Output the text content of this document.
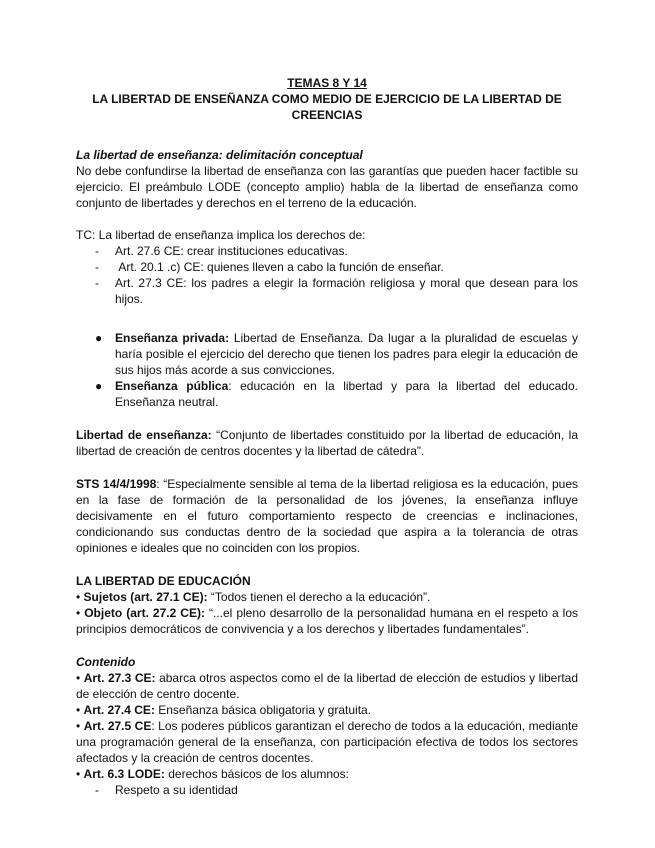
TEMAS 8 Y 14
LA LIBERTAD DE ENSEÑANZA COMO MEDIO DE EJERCICIO DE LA LIBERTAD DE CREENCIAS

La libertad de enseñanza: delimitación conceptual

No debe confundirse la libertad de enseñanza con las garantías que pueden hacer factible su ejercicio. El preámbulo LODE (concepto amplio) habla de la libertad de enseñanza como conjunto de libertades y derechos en el terreno de la educación.

TC: La libertad de enseñanza implica los derechos de:

- Art. 27.6 CE: crear instituciones educativas.
- Art. 20.1 .c) CE: quienes lleven a cabo la función de enseñar.
- Art. 27.3 CE: los padres a elegir la formación religiosa y moral que desean para los hijos.
● Enseñanza privada: Libertad de Enseñanza. Da lugar a la pluralidad de escuelas y haría posible el ejercicio del derecho que tienen los padres para elegir la educación de sus hijos más acorde a sus convicciones.
● Enseñanza pública: educación en la libertad y para la libertad del educado. Enseñanza neutral.

Libertad de enseñanza: “Conjunto de libertades constituido por la libertad de educación, la libertad de creación de centros docentes y la libertad de cátedra”.

STS 14/4/1998: “Especialmente sensible al tema de la libertad religiosa es la educación, pues en la fase de formación de la personalidad de los jóvenes, la enseñanza influye decisivamente en el futuro comportamiento respecto de creencias e inclinaciones, condicionando sus conductas dentro de la sociedad que aspira a la tolerancia de otras opiniones e ideales que no coinciden con los propios.

LA LIBERTAD DE EDUCACIÓN

• Sujetos (art. 27.1 CE): “Todos tienen el derecho a la educación”.

• Objeto (art. 27.2 CE): “...el pleno desarrollo de la personalidad humana en el respeto a los principios democráticos de convivencia y a los derechos y libertades fundamentales”.

Contenido

• Art. 27.3 CE: abarca otros aspectos como el de la libertad de elección de estudios y libertad de elección de centro docente.

• Art. 27.4 CE: Enseñanza básica obligatoria y gratuita.

• Art. 27.5 CE: Los poderes públicos garantizan el derecho de todos a la educación, mediante una programación general de la enseñanza, con participación efectiva de todos los sectores afectados y la creación de centros docentes.

• Art. 6.3 LODE: derechos básicos de los alumnos:

- Respeto a su identidad
